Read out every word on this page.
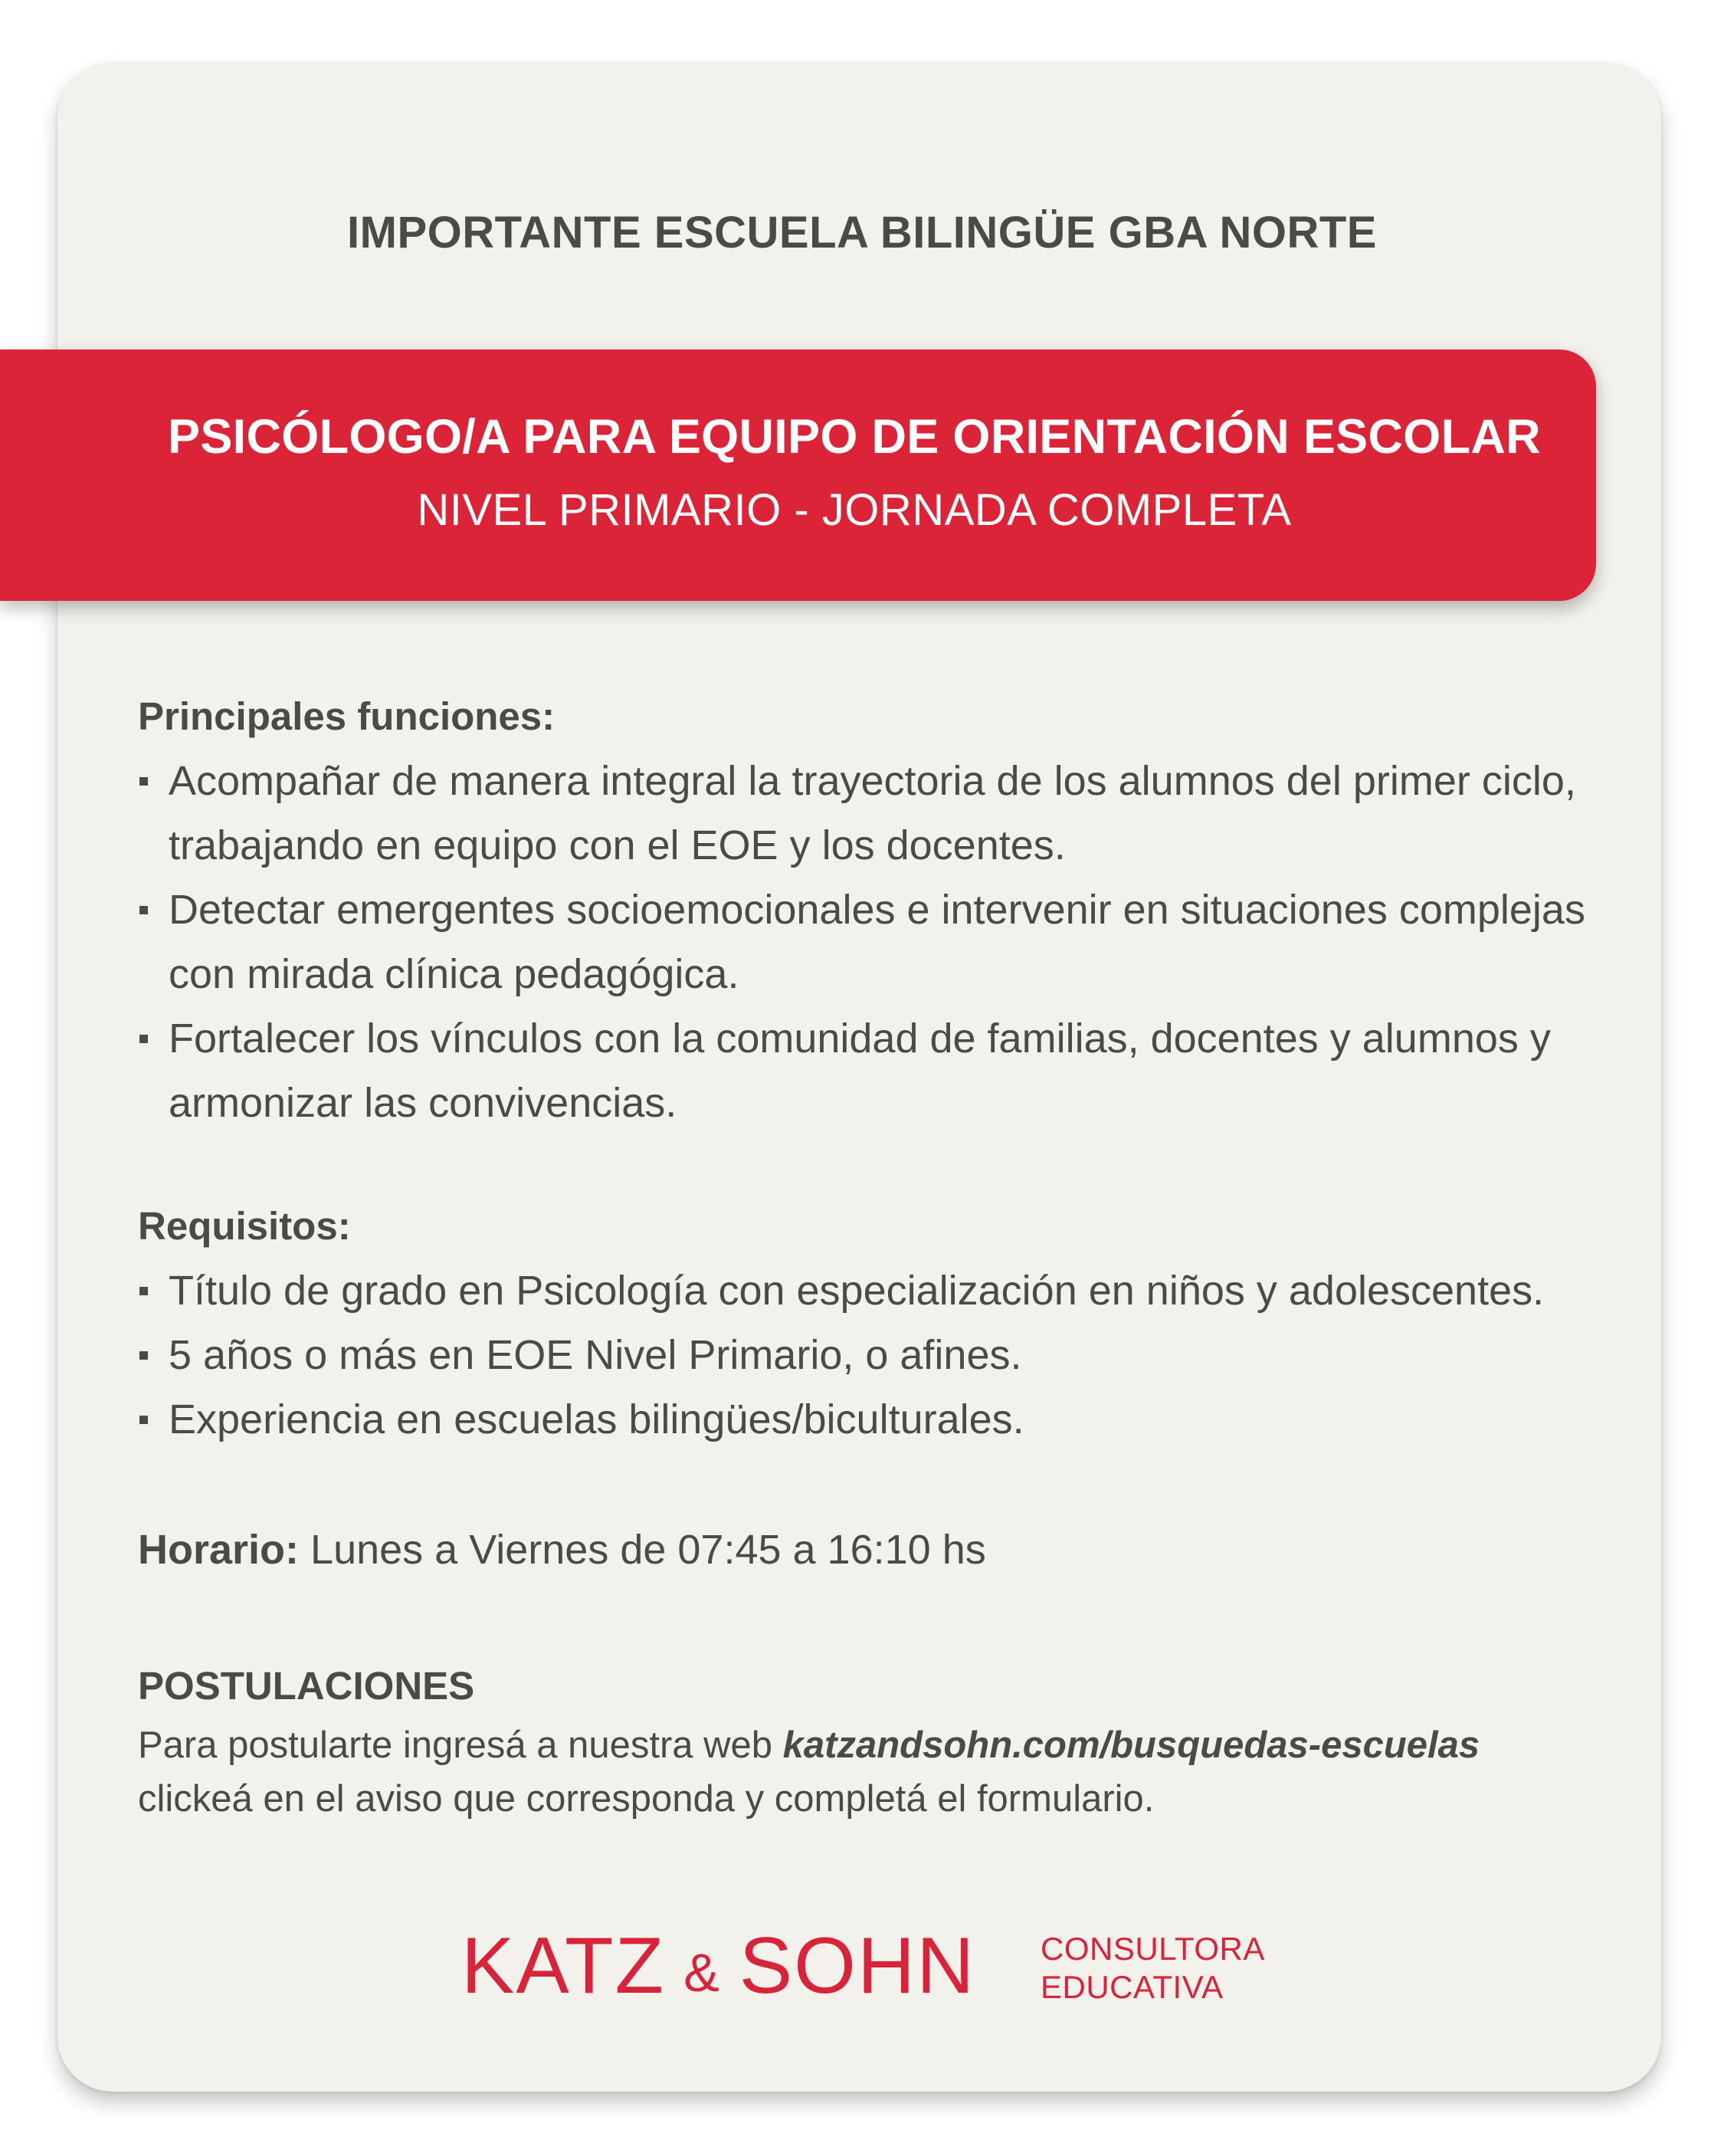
IMPORTANTE ESCUELA BILINGÜE GBA NORTE
PSICÓLOGO/A PARA EQUIPO DE ORIENTACIÓN ESCOLAR
NIVEL PRIMARIO - JORNADA COMPLETA
Principales funciones:
Acompañar de manera integral la trayectoria de los alumnos del primer ciclo, trabajando en equipo con el EOE y los docentes.
Detectar emergentes socioemocionales e intervenir en situaciones complejas con mirada clínica pedagógica.
Fortalecer los vínculos con la comunidad de familias, docentes y alumnos y armonizar las convivencias.
Requisitos:
Título de grado en Psicología con especialización en niños y adolescentes.
5 años o más en EOE Nivel Primario, o afines.
Experiencia en escuelas bilingües/biculturales.
Horario: Lunes a Viernes de 07:45 a 16:10 hs
POSTULACIONES
Para postularte ingresá a nuestra web katzandsohn.com/busquedas-escuelas
clickeá en el aviso que corresponda y completá el formulario.
KATZ & SOHN CONSULTORA
EDUCATIVA
